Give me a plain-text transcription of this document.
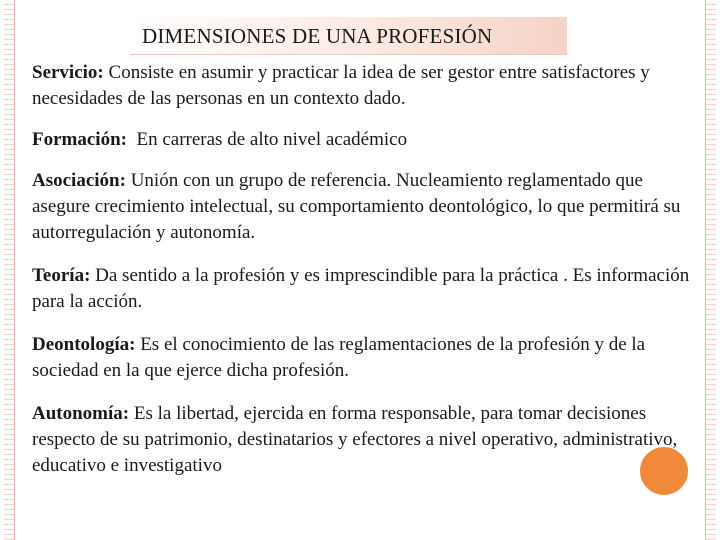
DIMENSIONES DE UNA PROFESIÓN

Servicio: Consiste en asumir y practicar la idea de ser gestor entre satisfactores y necesidades de las personas en un contexto dado.

Formación:  En carreras de alto nivel académico

Asociación: Unión con un grupo de referencia. Nucleamiento reglamentado que asegure crecimiento intelectual, su comportamiento deontológico, lo que permitirá su autorregulación y autonomía.

Teoría: Da sentido a la profesión y es imprescindible para la práctica . Es información para la acción.

Deontología: Es el conocimiento de las reglamentaciones de la profesión y de la sociedad en la que ejerce dicha profesión.

Autonomía: Es la libertad, ejercida en forma responsable, para tomar decisiones respecto de su patrimonio, destinatarios y efectores a nivel operativo, administrativo, educativo e investigativo
